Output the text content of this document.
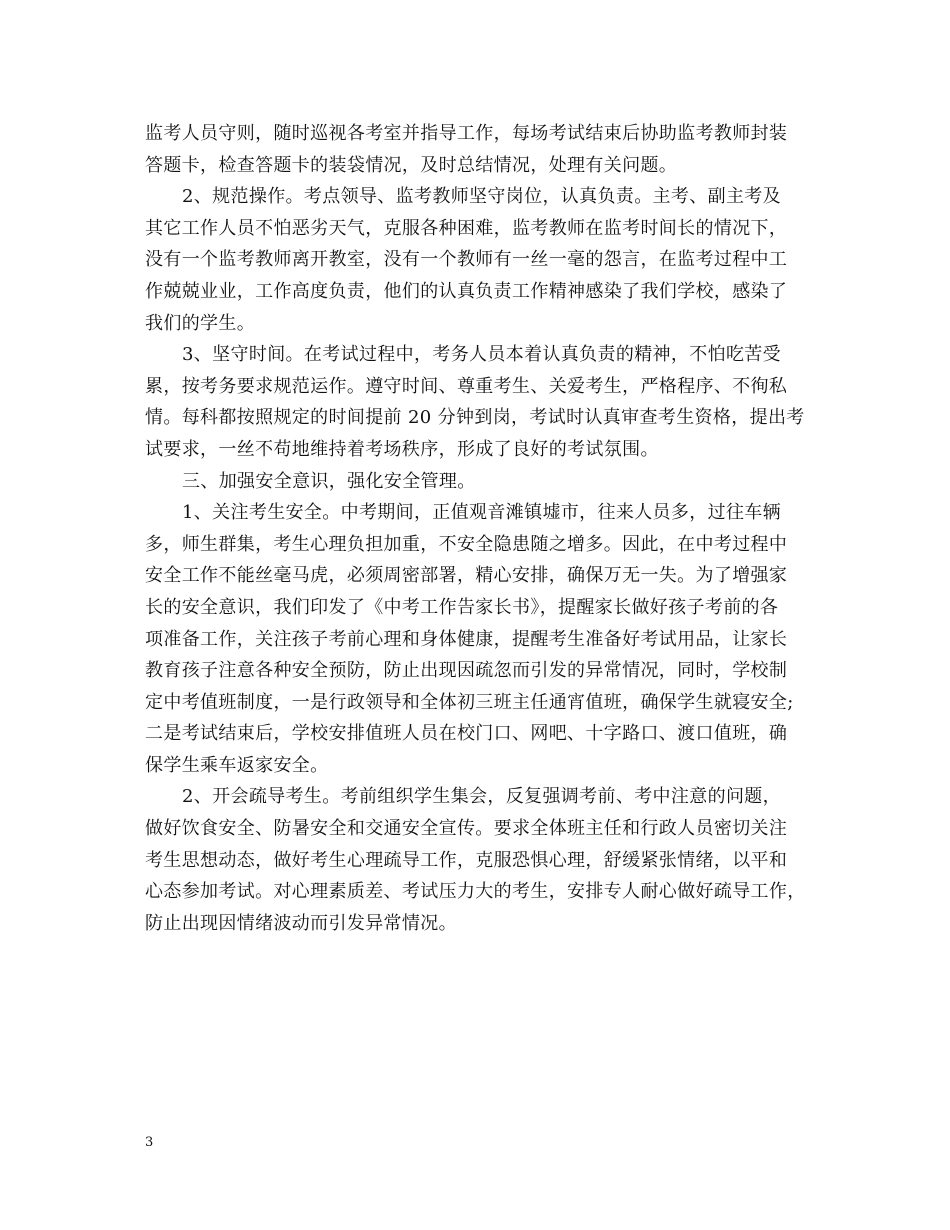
监考人员守则，随时巡视各考室并指导工作，每场考试结束后协助监考教师封装
答题卡，检查答题卡的装袋情况，及时总结情况，处理有关问题。
2、规范操作。考点领导、监考教师坚守岗位，认真负责。主考、副主考及
其它工作人员不怕恶劣天气，克服各种困难，监考教师在监考时间长的情况下，
没有一个监考教师离开教室，没有一个教师有一丝一毫的怨言，在监考过程中工
作兢兢业业，工作高度负责，他们的认真负责工作精神感染了我们学校，感染了
我们的学生。
3、坚守时间。在考试过程中，考务人员本着认真负责的精神，不怕吃苦受
累，按考务要求规范运作。遵守时间、尊重考生、关爱考生，严格程序、不徇私
情。每科都按照规定的时间提前 20 分钟到岗，考试时认真审查考生资格，提出考
试要求，一丝不苟地维持着考场秩序，形成了良好的考试氛围。
三、加强安全意识，强化安全管理。
1、关注考生安全。中考期间，正值观音滩镇墟市，往来人员多，过往车辆
多，师生群集，考生心理负担加重，不安全隐患随之增多。因此，在中考过程中
安全工作不能丝毫马虎，必须周密部署，精心安排，确保万无一失。为了增强家
长的安全意识，我们印发了《中考工作告家长书》，提醒家长做好孩子考前的各
项准备工作，关注孩子考前心理和身体健康，提醒考生准备好考试用品，让家长
教育孩子注意各种安全预防，防止出现因疏忽而引发的异常情况，同时，学校制
定中考值班制度，一是行政领导和全体初三班主任通宵值班，确保学生就寝安全;
二是考试结束后，学校安排值班人员在校门口、网吧、十字路口、渡口值班，确
保学生乘车返家安全。
2、开会疏导考生。考前组织学生集会，反复强调考前、考中注意的问题，
做好饮食安全、防暑安全和交通安全宣传。要求全体班主任和行政人员密切关注
考生思想动态，做好考生心理疏导工作，克服恐惧心理，舒缓紧张情绪，以平和
心态参加考试。对心理素质差、考试压力大的考生，安排专人耐心做好疏导工作，
防止出现因情绪波动而引发异常情况。
3
